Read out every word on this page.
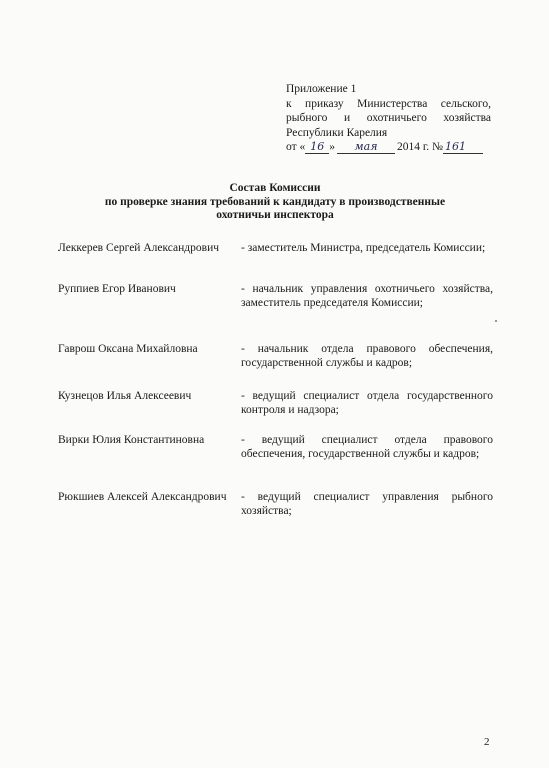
Приложение 1
к приказу Министерства сельского,
рыбного и охотничьего хозяйства
Республики Карелия
от « 16 »	мая	2014 г. № 161
Состав Комиссии
по проверке знания требований к кандидату в производственные
охотничьи инспектора
Леккерев Сергей Александрович	- заместитель Министра, председатель Комиссии;
Руппиев Егор Иванович	- начальник управления охотничьего хозяйства, заместитель председателя Комиссии;
Гаврош Оксана Михайловна	- начальник отдела правового обеспечения, государственной службы и кадров;
Кузнецов Илья Алексеевич	- ведущий специалист отдела государственного контроля и надзора;
Вирки Юлия Константиновна	- ведущий специалист отдела правового обеспечения, государственной службы и кадров;
Рюкшиев Алексей Александрович	- ведущий специалист управления рыбного хозяйства;
2
